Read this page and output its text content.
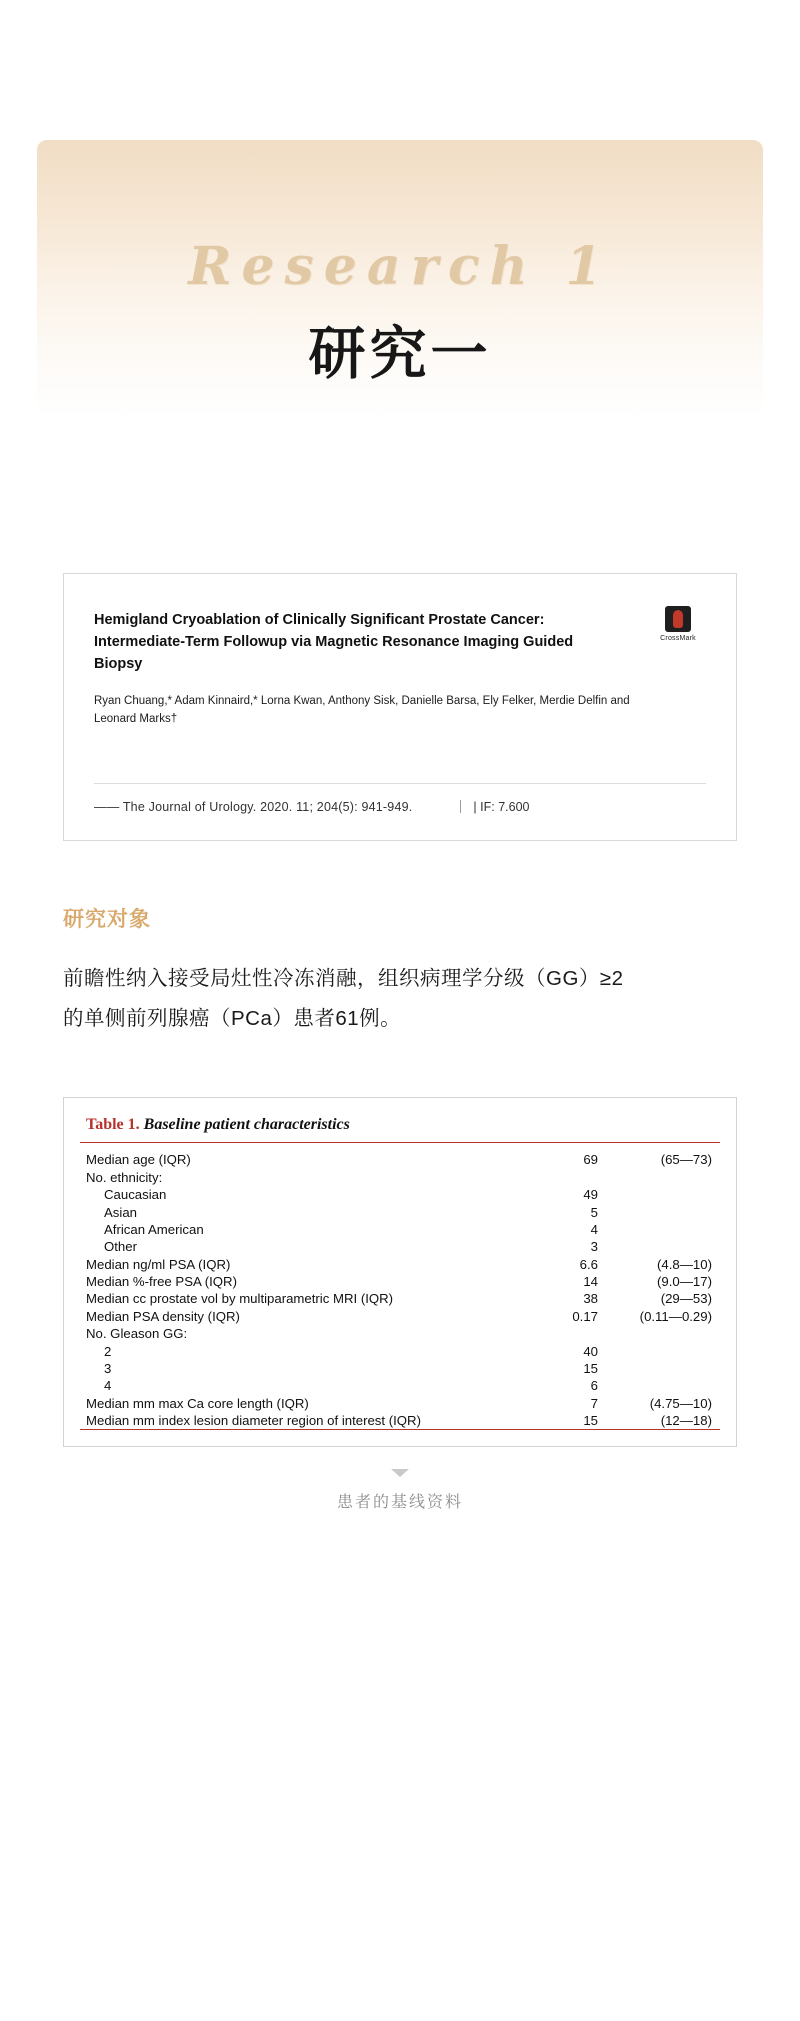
Research 1
研究一
CrossMark
Hemigland Cryoablation of Clinically Significant Prostate Cancer: Intermediate-Term Followup via Magnetic Resonance Imaging Guided Biopsy
Ryan Chuang,* Adam Kinnaird,* Lorna Kwan, Anthony Sisk, Danielle Barsa, Ely Felker, Merdie Delfin and Leonard Marks†
—— The Journal of Urology. 2020. 11; 204(5): 941-949.	| IF: 7.600
研究对象
前瞻性纳入接受局灶性冷冻消融，组织病理学分级（GG）≥2的单侧前列腺癌（PCa）患者61例。
Table 1. Baseline patient characteristics

Median age (IQR)	69	(65—73)
No. ethnicity:		
Caucasian	49	
Asian	5	
African American	4	
Other	3	
Median ng/ml PSA (IQR)	6.6	(4.8—10)
Median %-free PSA (IQR)	14	(9.0—17)
Median cc prostate vol by multiparametric MRI (IQR)	38	(29—53)
Median PSA density (IQR)	0.17	(0.11—0.29)
No. Gleason GG:		
2	40	
3	15	
4	6	
Median mm max Ca core length (IQR)	7	(4.75—10)
Median mm index lesion diameter region of interest (IQR)	15	(12—18)
患者的基线资料
